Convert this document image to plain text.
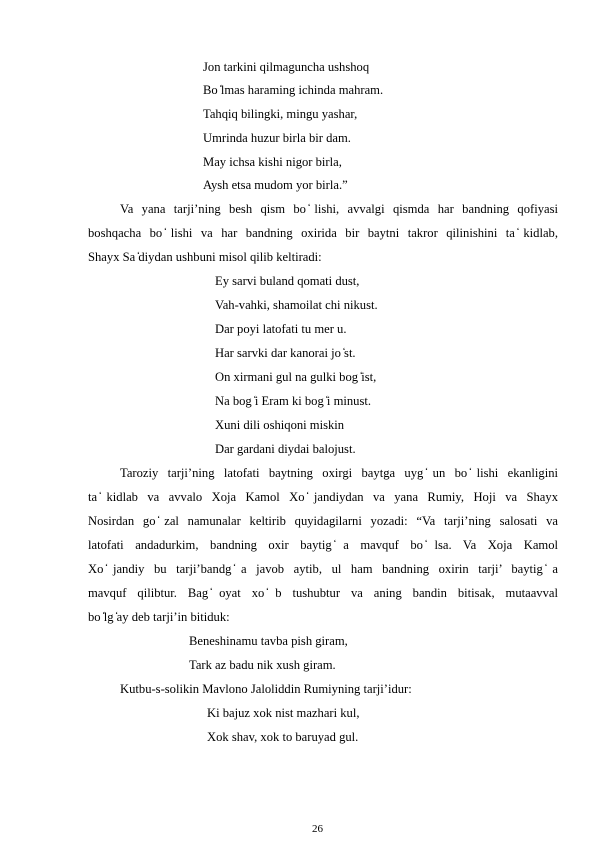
Jon tarkini qilmaguncha ushshoq
Bo ̒lmas haraming ichinda mahram.
Tahqiq bilingki, mingu yashar,
Umrinda huzur birla bir dam.
May ichsa kishi nigor birla,
Aysh etsa mudom yor birla.”
Va yana tarji’ning besh qism bo ̒lishi, avvalgi qismda har bandning qofiyasi
boshqacha bo ̒lishi va har bandning oxirida bir baytni takror qilinishini ta ̒kidlab,
Shayx Sa ̒diydan ushbuni misol qilib keltiradi:
Ey sarvi buland qomati dust,
Vah-vahki, shamoilat chi nikust.
Dar poyi latofati tu mer u.
Har sarvki dar kanorai jo ̒st.
On xirmani gul na gulki bog ̒ist,
Na bog ̒i Eram ki bog ̒i minust.
Xuni dili oshiqoni miskin
Dar gardani diydai balojust.
Taroziy tarji’ning latofati baytning oxirgi baytga uyg ̒un bo ̒lishi ekanligini
ta ̒kidlab va avvalo Xoja Kamol Xo ̒jandiydan va yana Rumiy, Hoji va Shayx
Nosirdan go ̒zal namunalar keltirib quyidagilarni yozadi: “Va tarji’ning salosati va
latofati andadurkim, bandning oxir baytig ̒a mavquf bo ̒lsa. Va Xoja Kamol
Xo ̒jandiy bu tarji’bandg ̒a javob aytib, ul ham bandning oxirin tarji’ baytig ̒a
mavquf qilibtur. Bag ̒oyat xo ̒b tushubtur va aning bandin bitisak, mutaavval
bo ̒lg ̒ay deb tarji’in bitiduk:
Beneshinamu tavba pish giram,
Tark az badu nik xush giram.
Kutbu-s-solikin Mavlono Jaloliddin Rumiyning tarji’idur:
Ki bajuz xok nist mazhari kul,
Xok shav, xok to baruyad gul.
26
